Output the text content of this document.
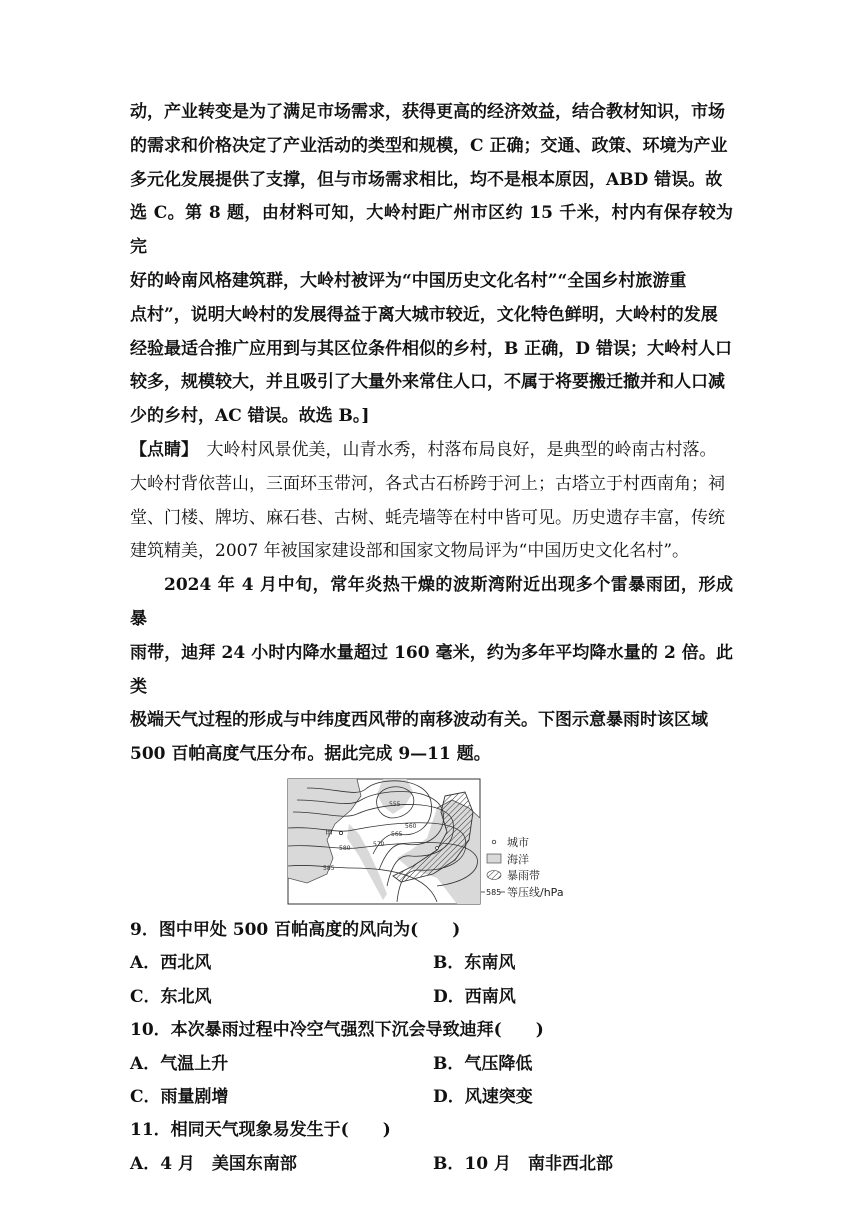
动，产业转变是为了满足市场需求，获得更高的经济效益，结合教材知识，市场

的需求和价格决定了产业活动的类型和规模，C 正确；交通、政策、环境为产业

多元化发展提供了支撑，但与市场需求相比，均不是根本原因，ABD 错误。故

选 C。第 8 题，由材料可知，大岭村距广州市区约 15 千米，村内有保存较为完

好的岭南风格建筑群，大岭村被评为“中国历史文化名村”“全国乡村旅游重

点村”，说明大岭村的发展得益于离大城市较近，文化特色鲜明，大岭村的发展

经验最适合推广应用到与其区位条件相似的乡村，B 正确，D 错误；大岭村人口

较多，规模较大，并且吸引了大量外来常住人口，不属于将要搬迁撤并和人口减

少的乡村，AC 错误。故选 B。]

【点睛】　 大岭村风景优美，山青水秀，村落布局良好，是典型的岭南古村落。

大岭村背依菩山，三面环玉带河，各式古石桥跨于河上；古塔立于村西南角；祠

堂、门楼、牌坊、麻石巷、古树、蚝壳墙等在村中皆可见。历史遗存丰富，传统

建筑精美，2007 年被国家建设部和国家文物局评为“中国历史文化名村”。

2024 年 4 月中旬，常年炎热干燥的波斯湾附近出现多个雷暴雨团，形成暴

雨带，迪拜 24 小时内降水量超过 160 毫米，约为多年平均降水量的 2 倍。此类

极端天气过程的形成与中纬度西风带的南移波动有关。下图示意暴雨时该区域

500 百帕高度气压分布。据此完成 9—11 题。

555
560
565
570
580
585
甲
城市
海洋
暴雨带
585 等压线/hPa

9．图中甲处 500 百帕高度的风向为(　　)

A．西北风	B．东南风
C．东北风	D．西南风

10．本次暴雨过程中冷空气强烈下沉会导致迪拜(　　)

A．气温上升	B．气压降低
C．雨量剧增	D．风速突变

11．相同天气现象易发生于(　　)

A．4 月　美国东南部	B．10 月　南非西北部
